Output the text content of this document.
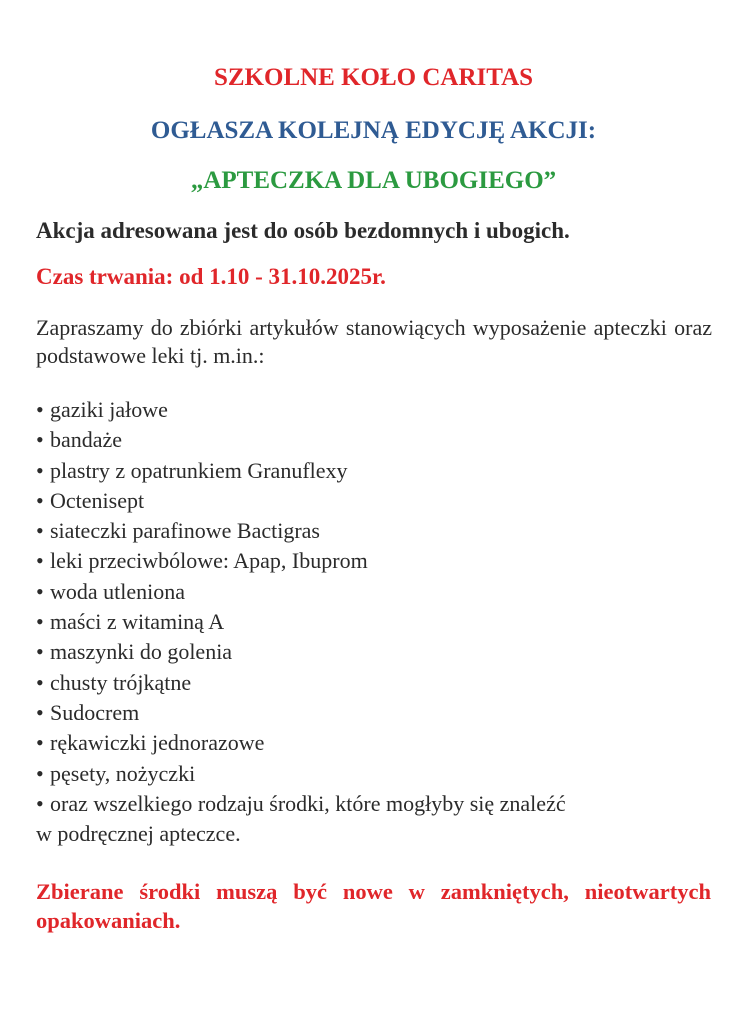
SZKOLNE KOŁO CARITAS
OGŁASZA KOLEJNĄ EDYCJĘ AKCJI:
„APTECZKA DLA UBOGIEGO”
Akcja adresowana jest do osób bezdomnych i ubogich.
Czas trwania: od 1.10 - 31.10.2025r.
Zapraszamy do zbiórki artykułów stanowiących wyposażenie apteczki oraz podstawowe leki tj. m.in.:
• gaziki jałowe
• bandaże
• plastry z opatrunkiem Granuflexy
• Octenisept
• siateczki parafinowe Bactigras
• leki przeciwbólowe: Apap, Ibuprom
• woda utleniona
• maści z witaminą A
• maszynki do golenia
• chusty trójkątne
• Sudocrem
• rękawiczki jednorazowe
• pęsety, nożyczki
• oraz wszelkiego rodzaju środki, które mogłyby się znaleźć
w podręcznej apteczce.
Zbierane środki muszą być nowe w zamkniętych, nieotwartych opakowaniach.
